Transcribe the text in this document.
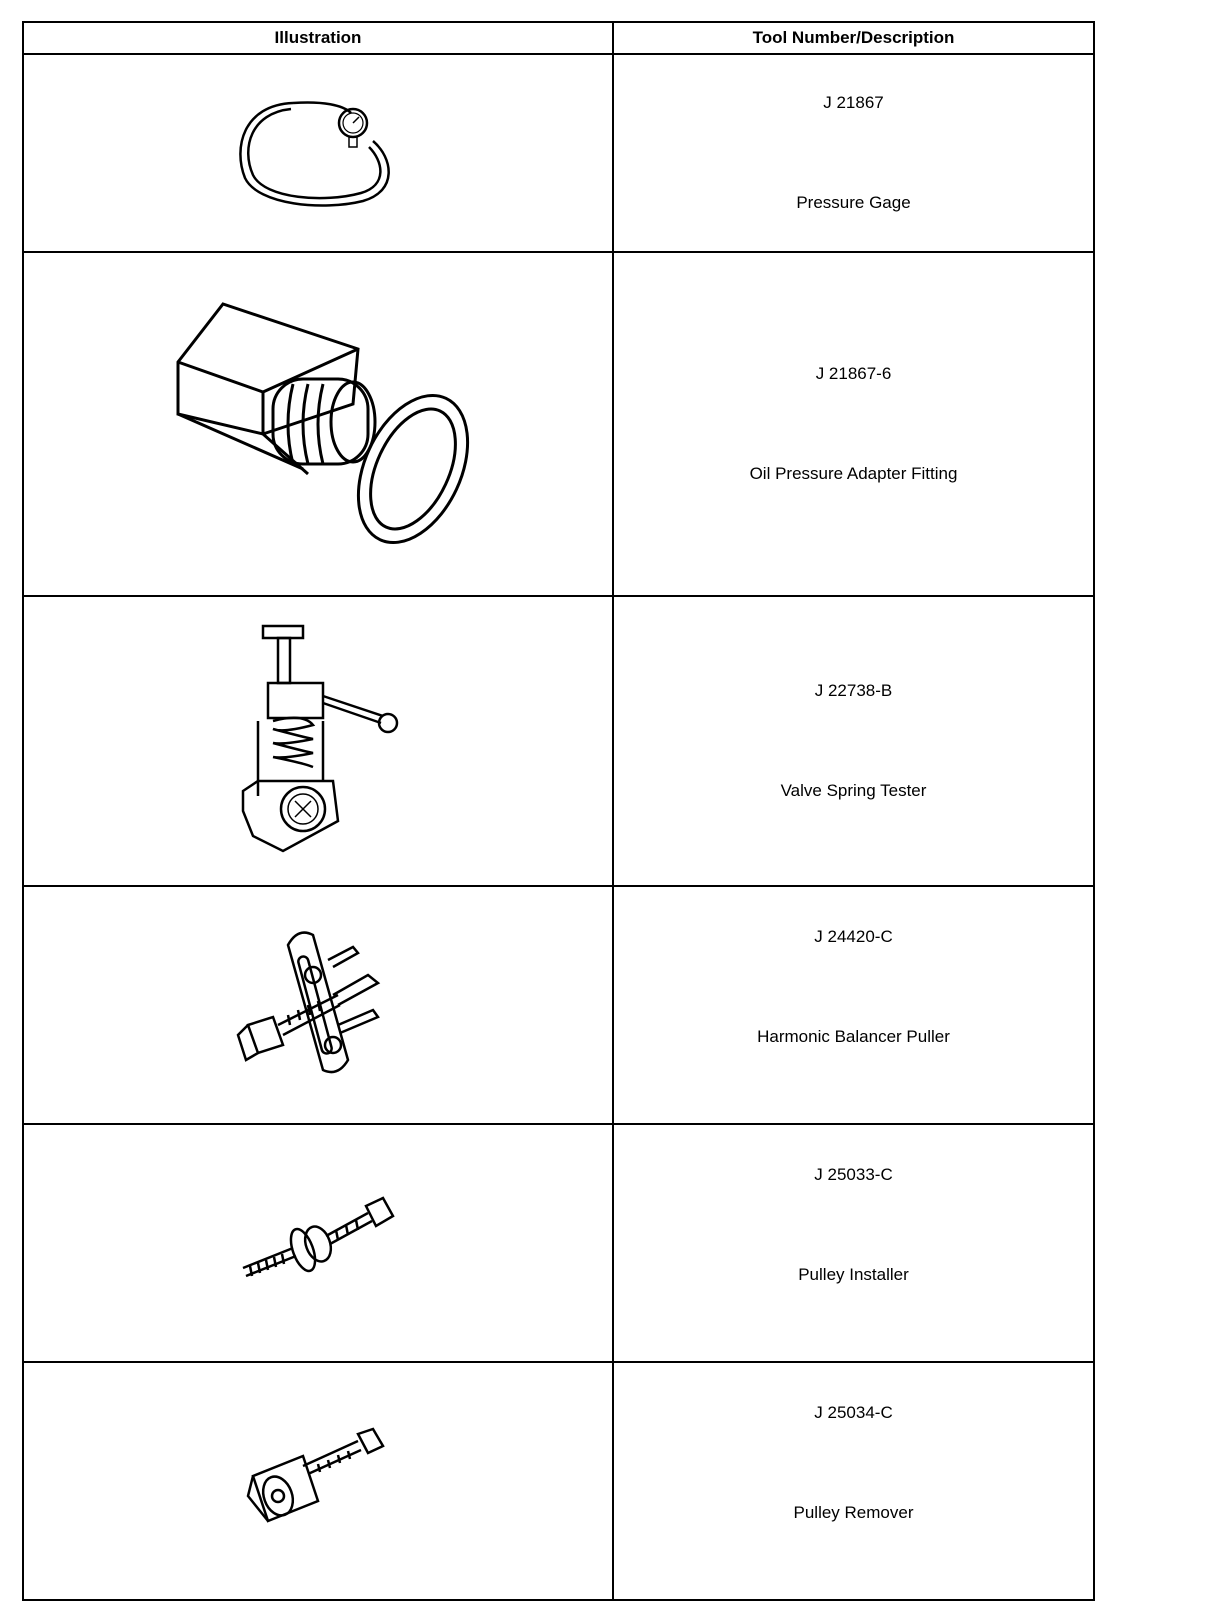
Illustration	Tool Number/Description

J 21867
Pressure Gage

J 21867-6
Oil Pressure Adapter Fitting

J 22738-B
Valve Spring Tester

J 24420-C
Harmonic Balancer Puller

J 25033-C
Pulley Installer

J 25034-C
Pulley Remover
